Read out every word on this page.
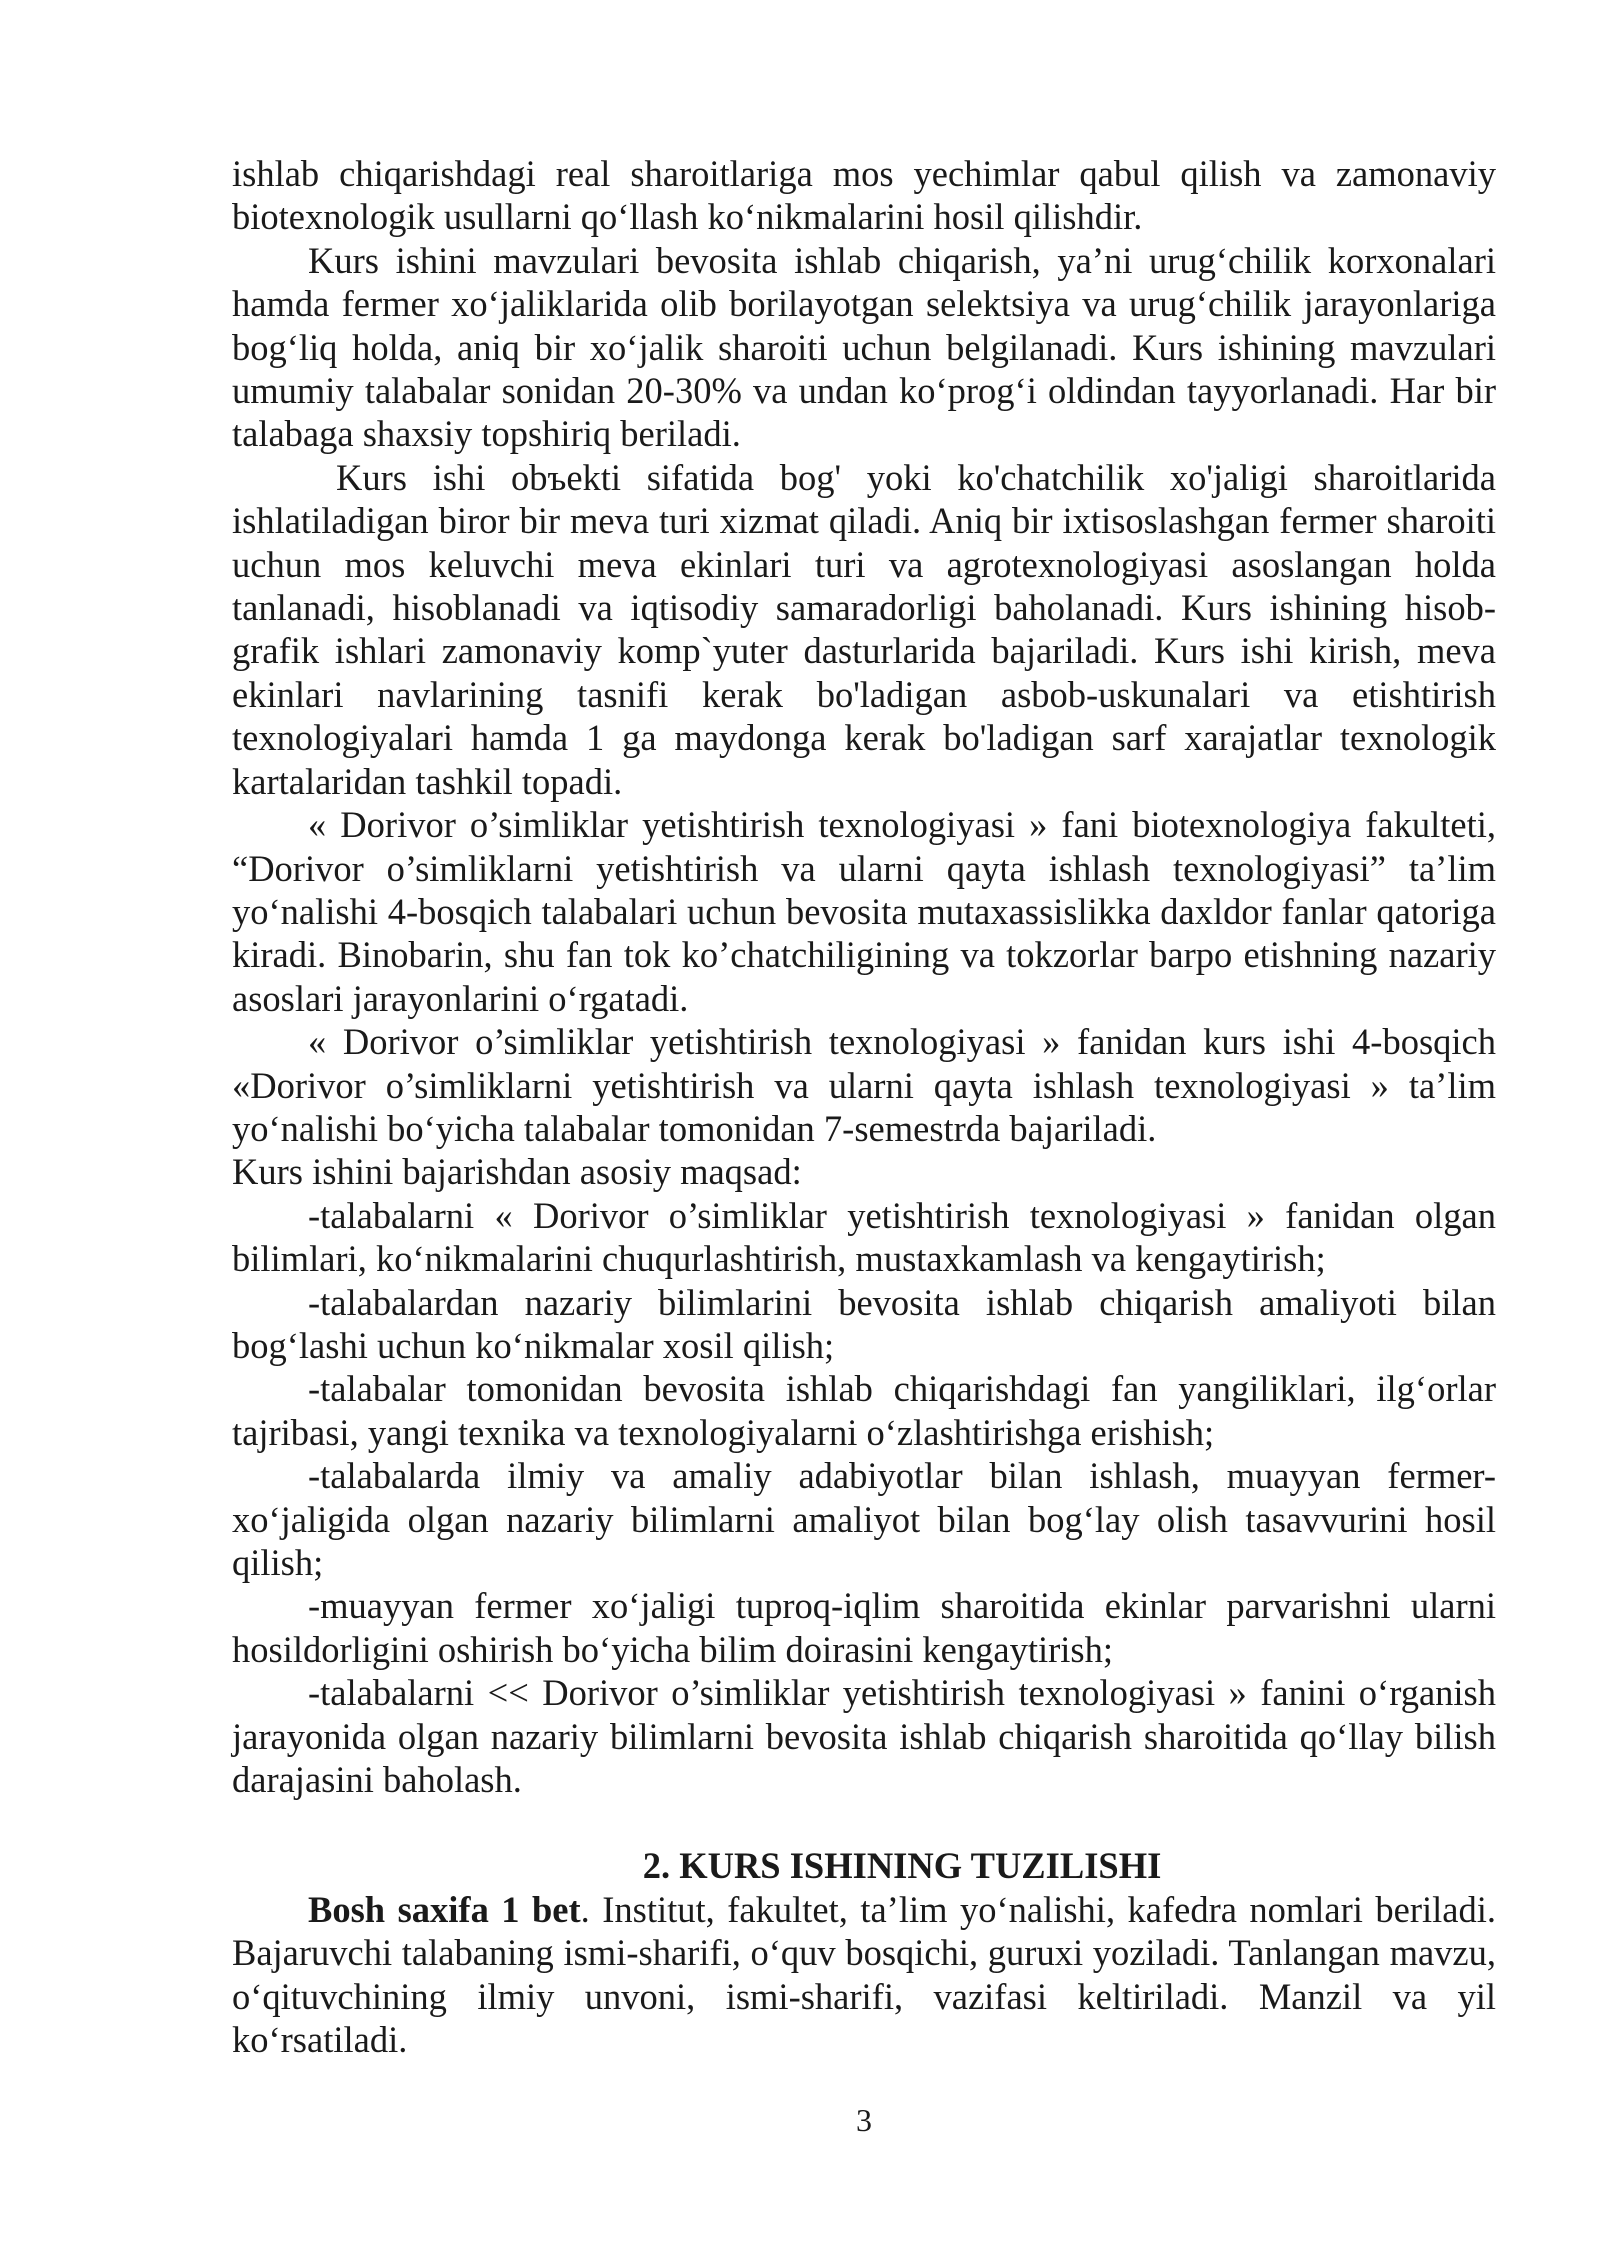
ishlab chiqarishdagi real sharoitlariga mos yechimlar qabul qilish va zamonaviy biotexnologik usullarni qo‘llash ko‘nikmalarini hosil qilishdir.

Kurs ishini mavzulari bevosita ishlab chiqarish, ya’ni urug‘chilik korxonalari hamda fermer xo‘jaliklarida olib borilayotgan selektsiya va urug‘chilik jarayonlariga bog‘liq holda, aniq bir xo‘jalik sharoiti uchun belgilanadi. Kurs ishining mavzulari umumiy talabalar sonidan 20-30% va undan ko‘prog‘i oldindan tayyorlanadi. Har bir talabaga shaxsiy topshiriq beriladi.

Kurs ishi obъekti sifatida bog' yoki ko'chatchilik xo'jaligi sharoitlarida ishlatiladigan biror bir meva turi xizmat qiladi. Aniq bir ixtisoslashgan fermer sharoiti uchun mos keluvchi meva ekinlari turi va agrotexnologiyasi asoslangan holda tanlanadi, hisoblanadi va iqtisodiy samaradorligi baholanadi. Kurs ishining hisob-grafik ishlari zamonaviy komp`yuter dasturlarida bajariladi. Kurs ishi kirish, meva ekinlari navlarining tasnifi kerak bo'ladigan asbob-uskunalari va etishtirish texnologiyalari hamda 1 ga maydonga kerak bo'ladigan sarf xarajatlar texnologik kartalaridan tashkil topadi.

« Dorivor o’simliklar yetishtirish texnologiyasi » fani biotexnologiya fakulteti, “Dorivor o’simliklarni yetishtirish va ularni qayta ishlash texnologiyasi” ta’lim yo‘nalishi 4-bosqich talabalari uchun bevosita mutaxassislikka daxldor fanlar qatoriga kiradi. Binobarin, shu fan tok ko’chatchiligining va tokzorlar barpo etishning nazariy asoslari jarayonlarini o‘rgatadi.

« Dorivor o’simliklar yetishtirish texnologiyasi » fanidan kurs ishi 4-bosqich «Dorivor o’simliklarni yetishtirish va ularni qayta ishlash texnologiyasi » ta’lim yo‘nalishi bo‘yicha talabalar tomonidan 7-semestrda bajariladi.

Kurs ishini bajarishdan asosiy maqsad:

-talabalarni « Dorivor o’simliklar yetishtirish texnologiyasi » fanidan olgan bilimlari, ko‘nikmalarini chuqurlashtirish, mustaxkamlash va kengaytirish;

-talabalardan nazariy bilimlarini bevosita ishlab chiqarish amaliyoti bilan bog‘lashi uchun ko‘nikmalar xosil qilish;

-talabalar tomonidan bevosita ishlab chiqarishdagi fan yangiliklari, ilg‘orlar tajribasi, yangi texnika va texnologiyalarni o‘zlashtirishga erishish;

-talabalarda ilmiy va amaliy adabiyotlar bilan ishlash, muayyan fermer-xo‘jaligida olgan nazariy bilimlarni amaliyot bilan bog‘lay olish tasavvurini hosil qilish;

-muayyan fermer xo‘jaligi tuproq-iqlim sharoitida ekinlar parvarishni ularni hosildorligini oshirish bo‘yicha bilim doirasini kengaytirish;

-talabalarni << Dorivor o’simliklar yetishtirish texnologiyasi » fanini o‘rganish jarayonida olgan nazariy bilimlarni bevosita ishlab chiqarish sharoitida qo‘llay bilish darajasini baholash.

2. KURS ISHINING TUZILISHI

Bosh saxifa 1 bet. Institut, fakultet, ta’lim yo‘nalishi, kafedra nomlari beriladi. Bajaruvchi talabaning ismi-sharifi, o‘quv bosqichi, guruxi yoziladi. Tanlangan mavzu, o‘qituvchining ilmiy unvoni, ismi-sharifi, vazifasi keltiriladi. Manzil va yil ko‘rsatiladi.

3
